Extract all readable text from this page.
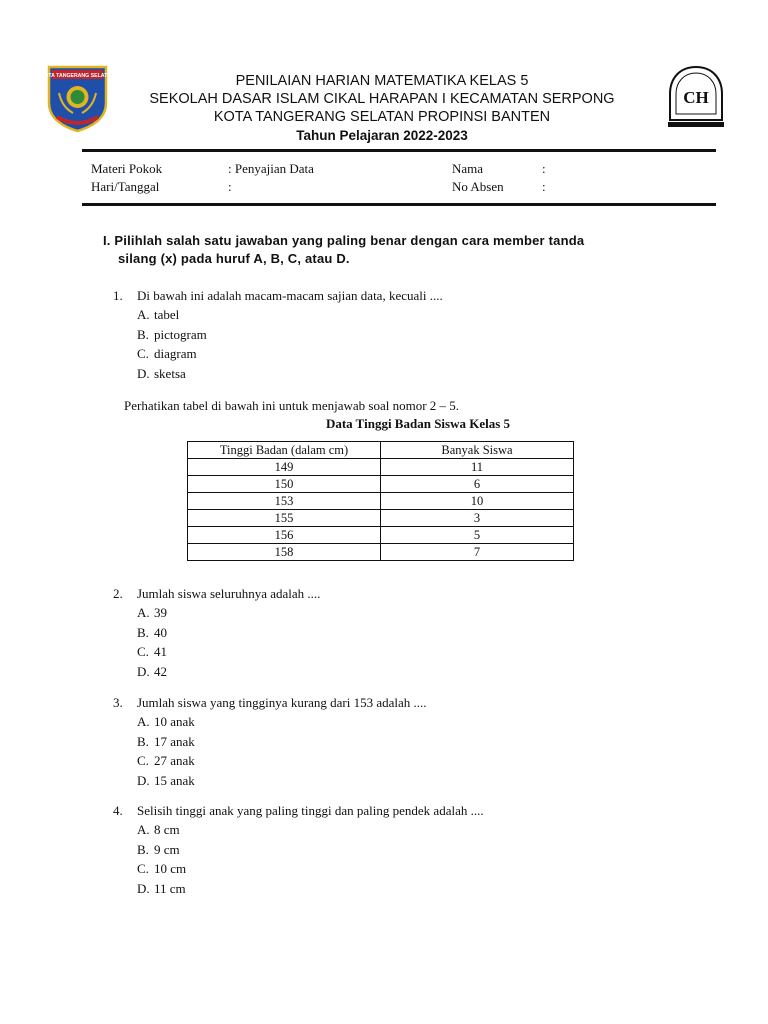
KOTA TANGERANG SELATAN	PENILAIAN HARIAN MATEMATIKA KELAS 5
SEKOLAH DASAR ISLAM CIKAL HARAPAN I KECAMATAN SERPONG
KOTA TANGERANG SELATAN PROPINSI BANTEN
Tahun Pelajaran 2022-2023
CH
Materi Pokok	: Penyajian Data
Hari/Tanggal	:
Nama	:
No Absen	:
I. Pilihlah salah satu jawaban yang paling benar dengan cara member tanda
silang (x) pada huruf A, B, C, atau D.
1. Di bawah ini adalah macam-macam sajian data, kecuali ....
A. tabel
B. pictogram
C. diagram
D. sketsa
Perhatikan tabel di bawah ini untuk menjawab soal nomor 2 – 5.
Data Tinggi Badan Siswa Kelas 5
Tinggi Badan (dalam cm)	Banyak Siswa
149	11
150	6
153	10
155	3
156	5
158	7
2. Jumlah siswa seluruhnya adalah ....
A. 39
B. 40
C. 41
D. 42
3. Jumlah siswa yang tingginya kurang dari 153 adalah ....
A. 10 anak
B. 17 anak
C. 27 anak
D. 15 anak
4. Selisih tinggi anak yang paling tinggi dan paling pendek adalah ....
A. 8 cm
B. 9 cm
C. 10 cm
D. 11 cm
